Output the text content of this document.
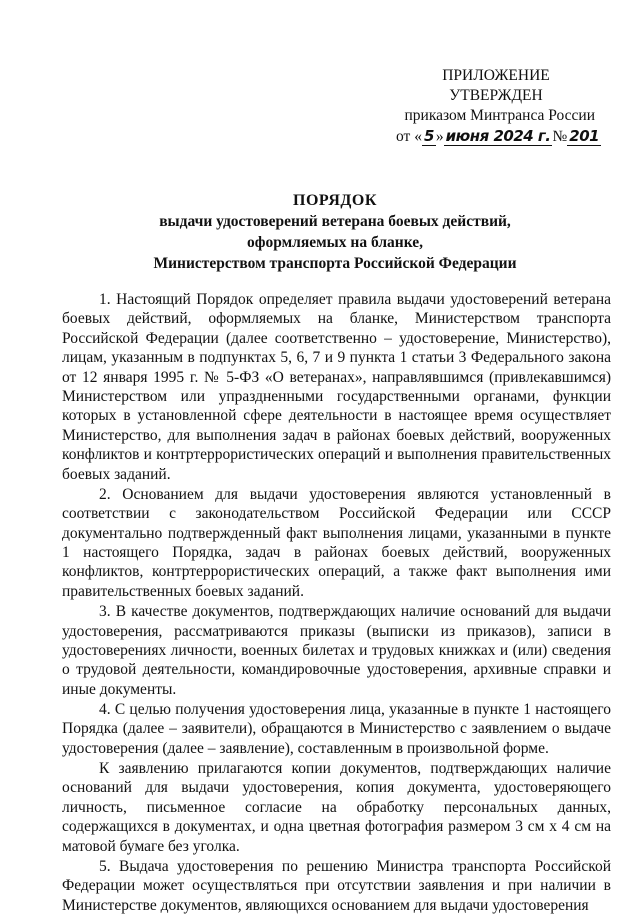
ПРИЛОЖЕНИЕ
УТВЕРЖДЕН
приказом Минтранса России
от « 5 » июня 2024 г. № 201
ПОРЯДОК
выдачи удостоверений ветерана боевых действий,
оформляемых на бланке,
Министерством транспорта Российской Федерации

1. Настоящий Порядок определяет правила выдачи удостоверений ветерана боевых действий, оформляемых на бланке, Министерством транспорта Российской Федерации (далее соответственно – удостоверение, Министерство), лицам, указанным в подпунктах 5, 6, 7 и 9 пункта 1 статьи 3 Федерального закона от 12 января 1995 г. № 5-ФЗ «О ветеранах», направлявшимся (привлекавшимся) Министерством или упраздненными государственными органами, функции которых в установленной сфере деятельности в настоящее время осуществляет Министерство, для выполнения задач в районах боевых действий, вооруженных конфликтов и контртеррористических операций и выполнения правительственных боевых заданий.

2. Основанием для выдачи удостоверения являются установленный в соответствии с законодательством Российской Федерации или СССР документально подтвержденный факт выполнения лицами, указанными в пункте 1 настоящего Порядка, задач в районах боевых действий, вооруженных конфликтов, контртеррористических операций, а также факт выполнения ими правительственных боевых заданий.

3. В качестве документов, подтверждающих наличие оснований для выдачи удостоверения, рассматриваются приказы (выписки из приказов), записи в удостоверениях личности, военных билетах и трудовых книжках и (или) сведения о трудовой деятельности, командировочные удостоверения, архивные справки и иные документы.

4. С целью получения удостоверения лица, указанные в пункте 1 настоящего Порядка (далее – заявители), обращаются в Министерство с заявлением о выдаче удостоверения (далее – заявление), составленным в произвольной форме.

К заявлению прилагаются копии документов, подтверждающих наличие оснований для выдачи удостоверения, копия документа, удостоверяющего личность, письменное согласие на обработку персональных данных, содержащихся в документах, и одна цветная фотография размером 3 см х 4 см на матовой бумаге без уголка.

5. Выдача удостоверения по решению Министра транспорта Российской Федерации может осуществляться при отсутствии заявления и при наличии в Министерстве документов, являющихся основанием для выдачи удостоверения
